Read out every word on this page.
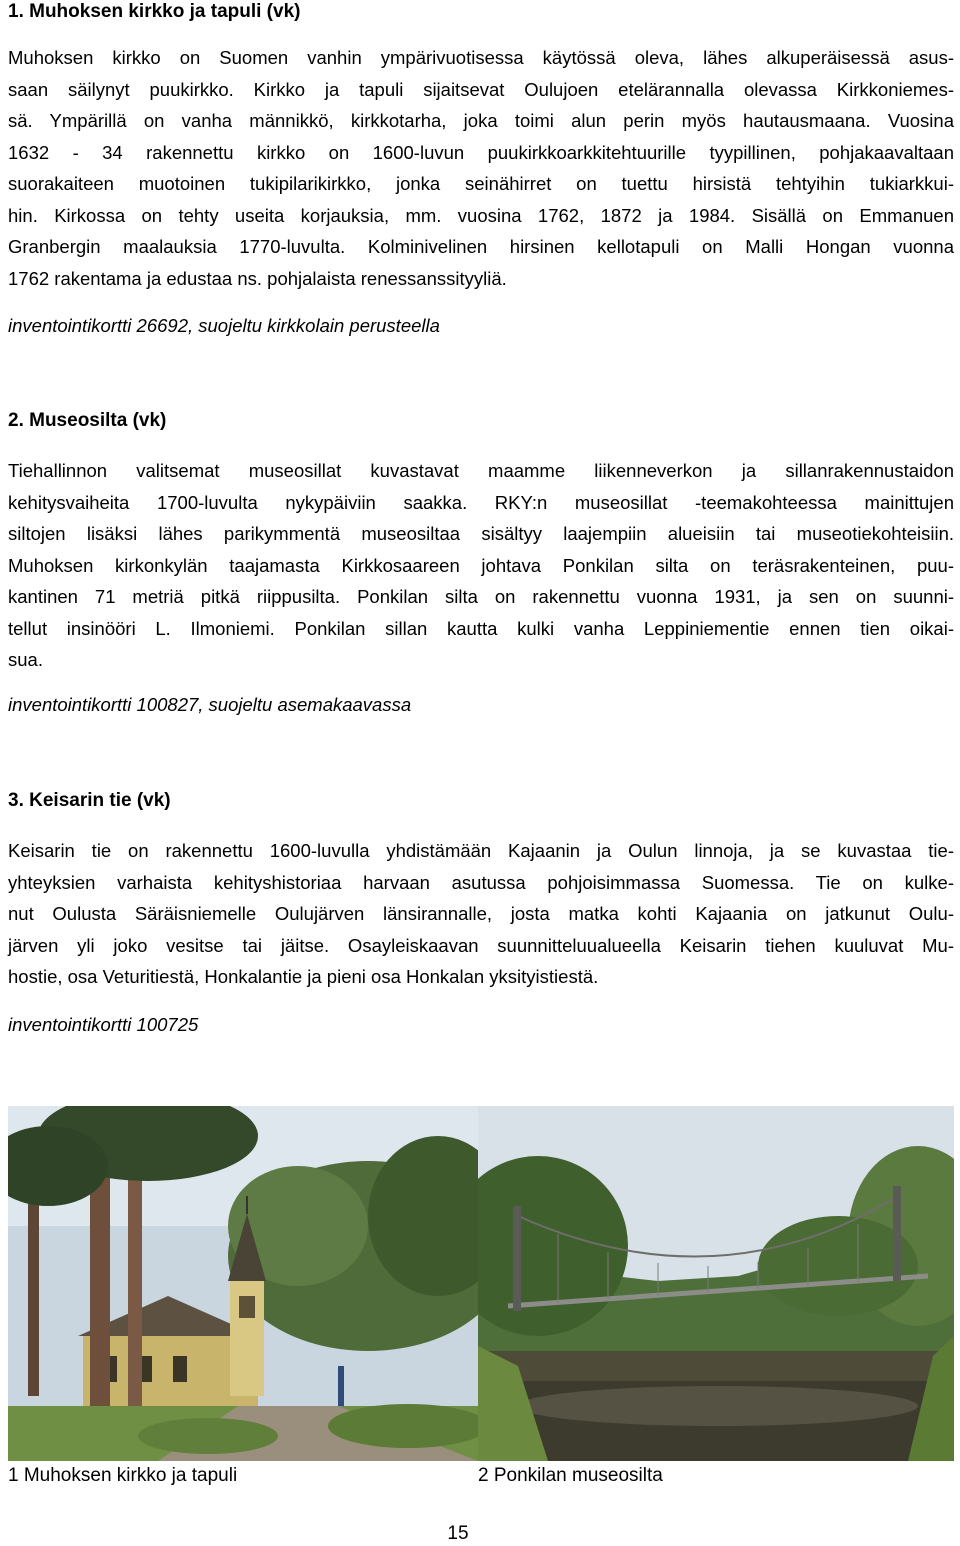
1. Muhoksen kirkko ja tapuli (vk)
Muhoksen kirkko on Suomen vanhin ympärivuotisessa käytössä oleva, lähes alkuperäisessä asus-
saan säilynyt puukirkko. Kirkko ja tapuli sijaitsevat Oulujoen etelärannalla olevassa Kirkkoniemes-
sä. Ympärillä on vanha männikkö, kirkkotarha, joka toimi alun perin myös hautausmaana. Vuosina
1632 - 34 rakennettu kirkko on 1600-luvun puukirkkoarkkitehtuurille tyypillinen, pohjakaavaltaan
suorakaiteen muotoinen tukipilarikirkko, jonka seinähirret on tuettu hirsistä tehtyihin tukiarkkui-
hin. Kirkossa on tehty useita korjauksia, mm. vuosina 1762, 1872 ja 1984. Sisällä on Emmanuen
Granbergin maalauksia 1770-luvulta. Kolminivelinen hirsinen kellotapuli on Malli Hongan vuonna
1762 rakentama ja edustaa ns. pohjalaista renessanssityyliä.

inventointikortti 26692, suojeltu kirkkolain perusteella

2. Museosilta (vk)
Tiehallinnon valitsemat museosillat kuvastavat maamme liikenneverkon ja sillanrakennustaidon
kehitysvaiheita 1700-luvulta nykypäiviin saakka. RKY:n museosillat -teemakohteessa mainittujen
siltojen lisäksi lähes parikymmentä museosiltaa sisältyy laajempiin alueisiin tai museotiekohteisiin.
Muhoksen kirkonkylän taajamasta Kirkkosaareen johtava Ponkilan silta on teräsrakenteinen, puu-
kantinen 71 metriä pitkä riippusilta. Ponkilan silta on rakennettu vuonna 1931, ja sen on suunni-
tellut insinööri L. Ilmoniemi. Ponkilan sillan kautta kulki vanha Leppiniementie ennen tien oikai-
sua.

inventointikortti 100827, suojeltu asemakaavassa

3. Keisarin tie (vk)
Keisarin tie on rakennettu 1600-luvulla yhdistämään Kajaanin ja Oulun linnoja, ja se kuvastaa tie-
yhteyksien varhaista kehityshistoriaa harvaan asutussa pohjoisimmassa Suomessa. Tie on kulke-
nut Oulusta Säräisniemelle Oulujärven länsirannalle, josta matka kohti Kajaania on jatkunut Oulu-
järven yli joko vesitse tai jäitse. Osayleiskaavan suunnitteluualueella Keisarin tiehen kuuluvat Mu-
hostie, osa Veturitiestä, Honkalantie ja pieni osa Honkalan yksityistiestä.

inventointikortti 100725

1 Muhoksen kirkko ja tapuli	2 Ponkilan museosilta
15
